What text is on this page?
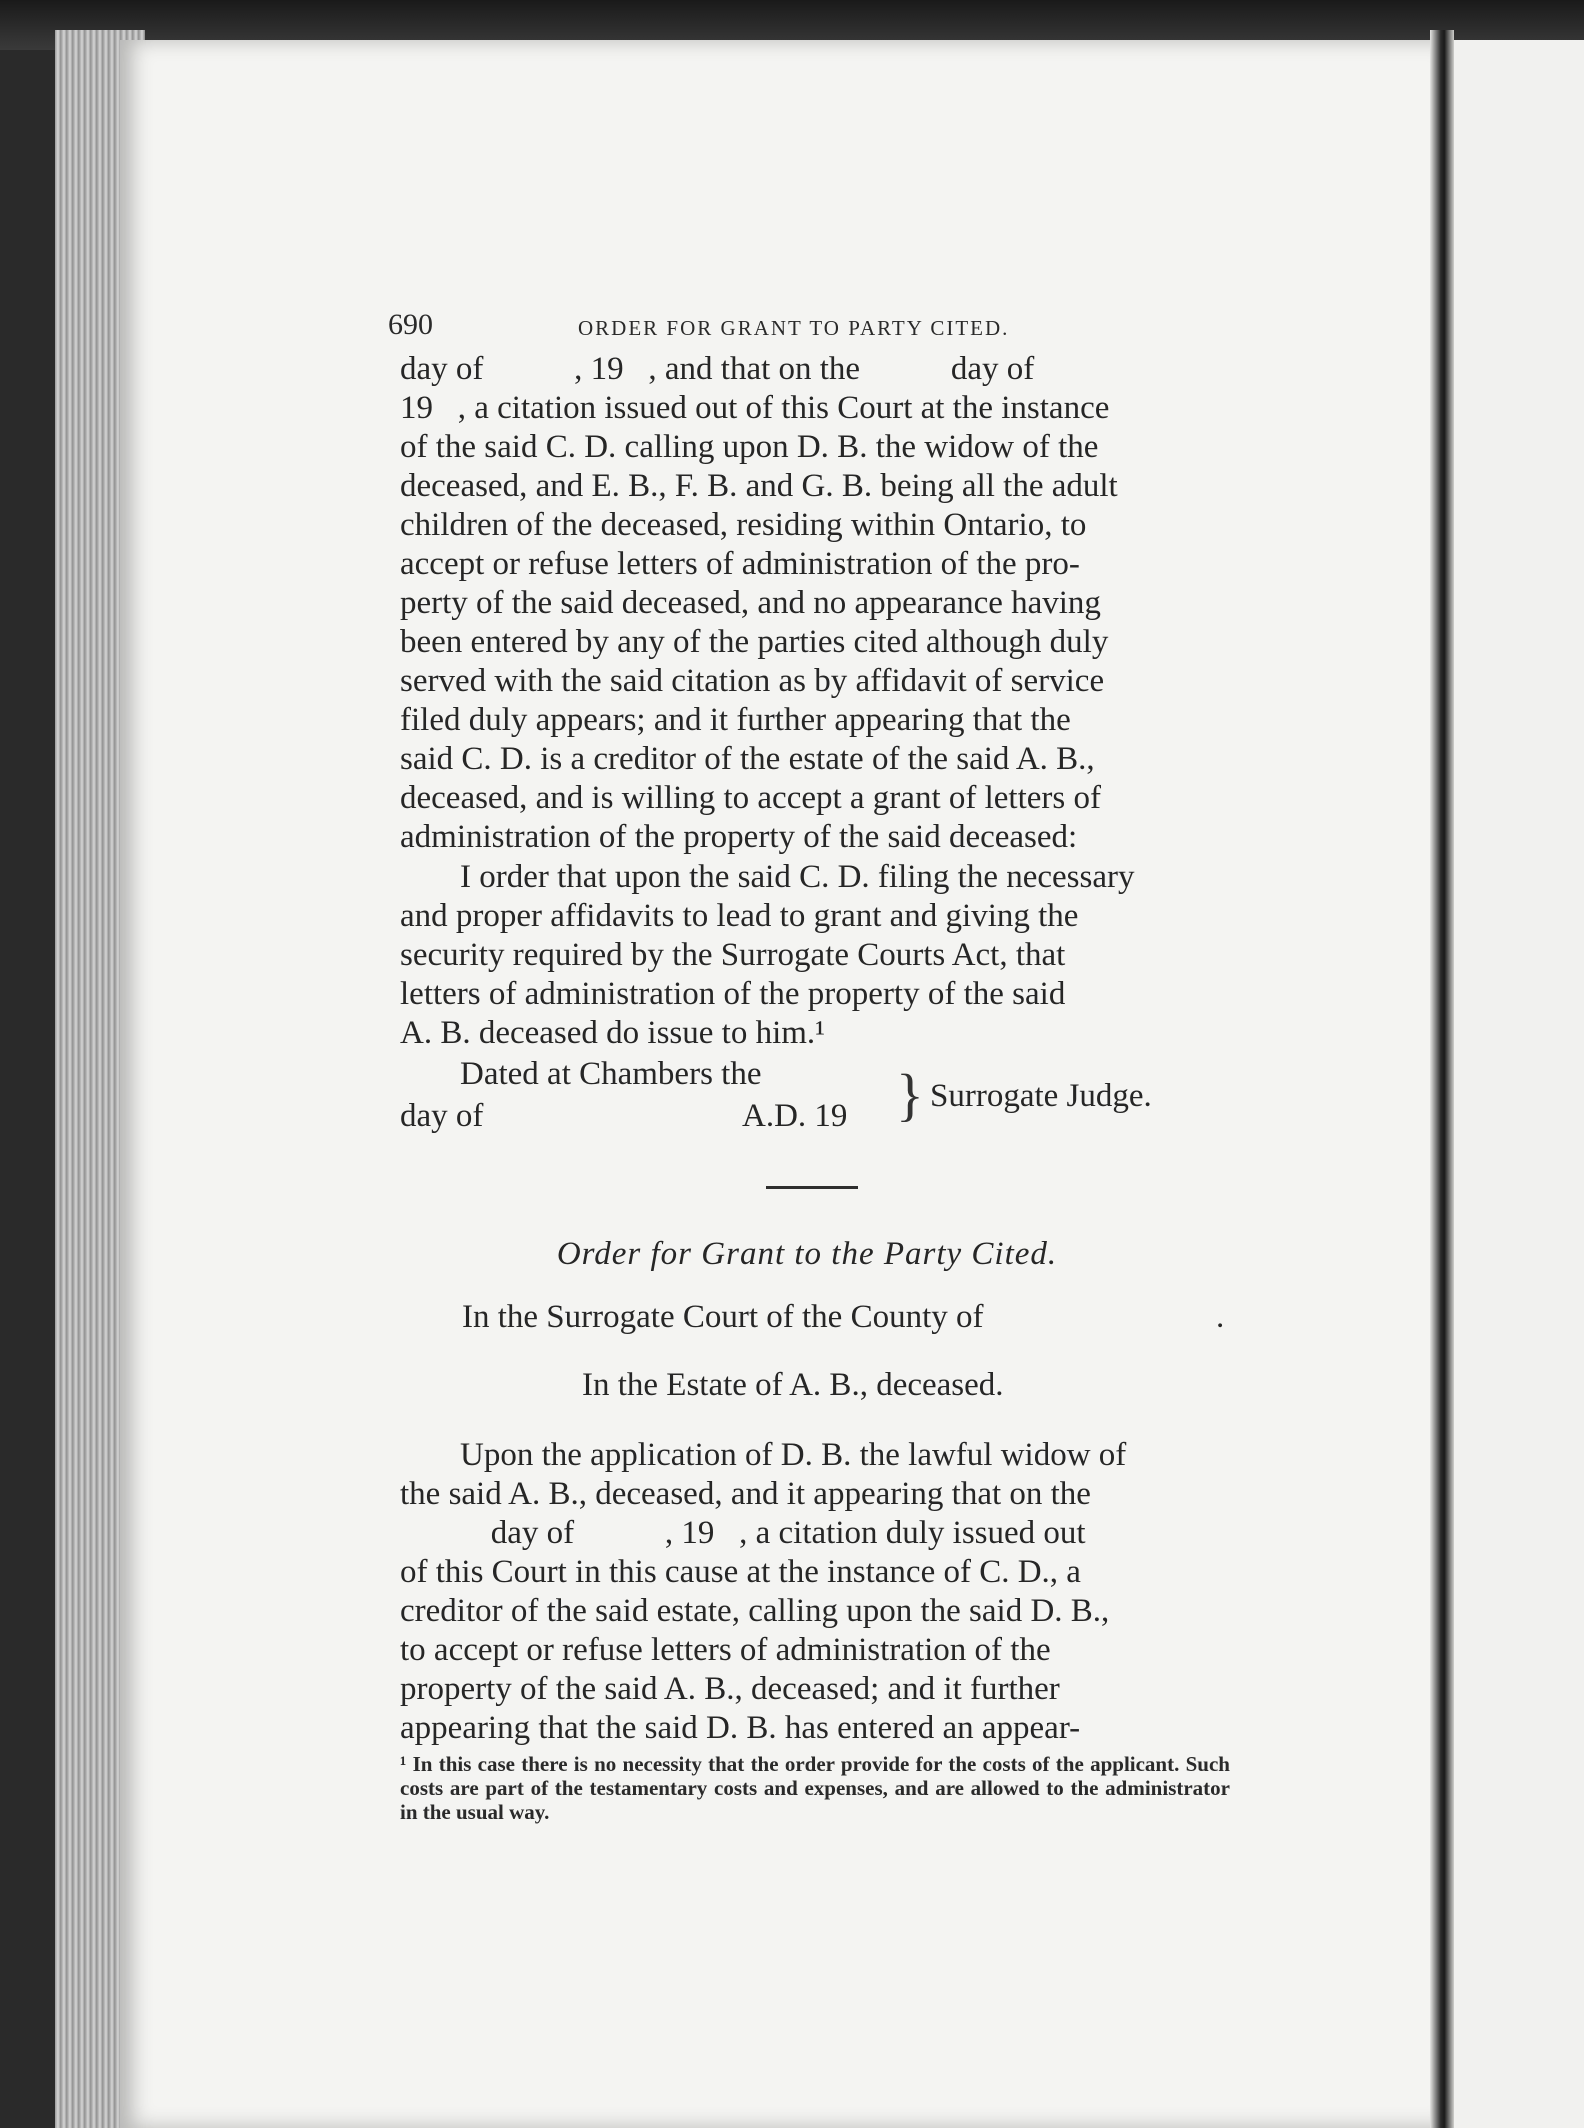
690	ORDER FOR GRANT TO PARTY CITED.
day of           , 19   , and that on the           day of
19   , a citation issued out of this Court at the instance
of the said C. D. calling upon D. B. the widow of the
deceased, and E. B., F. B. and G. B. being all the adult
children of the deceased, residing within Ontario, to
accept or refuse letters of administration of the pro-
perty of the said deceased, and no appearance having
been entered by any of the parties cited although duly
served with the said citation as by affidavit of service
filed duly appears; and it further appearing that the
said C. D. is a creditor of the estate of the said A. B.,
deceased, and is willing to accept a grant of letters of
administration of the property of the said deceased:
I order that upon the said C. D. filing the necessary
and proper affidavits to lead to grant and giving the
security required by the Surrogate Courts Act, that
letters of administration of the property of the said
A. B. deceased do issue to him.¹
Dated at Chambers the
day of	A.D. 19 } Surrogate Judge.
Order for Grant to the Party Cited.
In the Surrogate Court of the County of	.
In the Estate of A. B., deceased.
Upon the application of D. B. the lawful widow of
the said A. B., deceased, and it appearing that on the
day of           , 19   , a citation duly issued out
of this Court in this cause at the instance of C. D., a
creditor of the said estate, calling upon the said D. B.,
to accept or refuse letters of administration of the
property of the said A. B., deceased; and it further
appearing that the said D. B. has entered an appear-
¹ In this case there is no necessity that the order provide for the costs of the applicant. Such costs are part of the testamentary costs and expenses, and are allowed to the administrator in the usual way.
